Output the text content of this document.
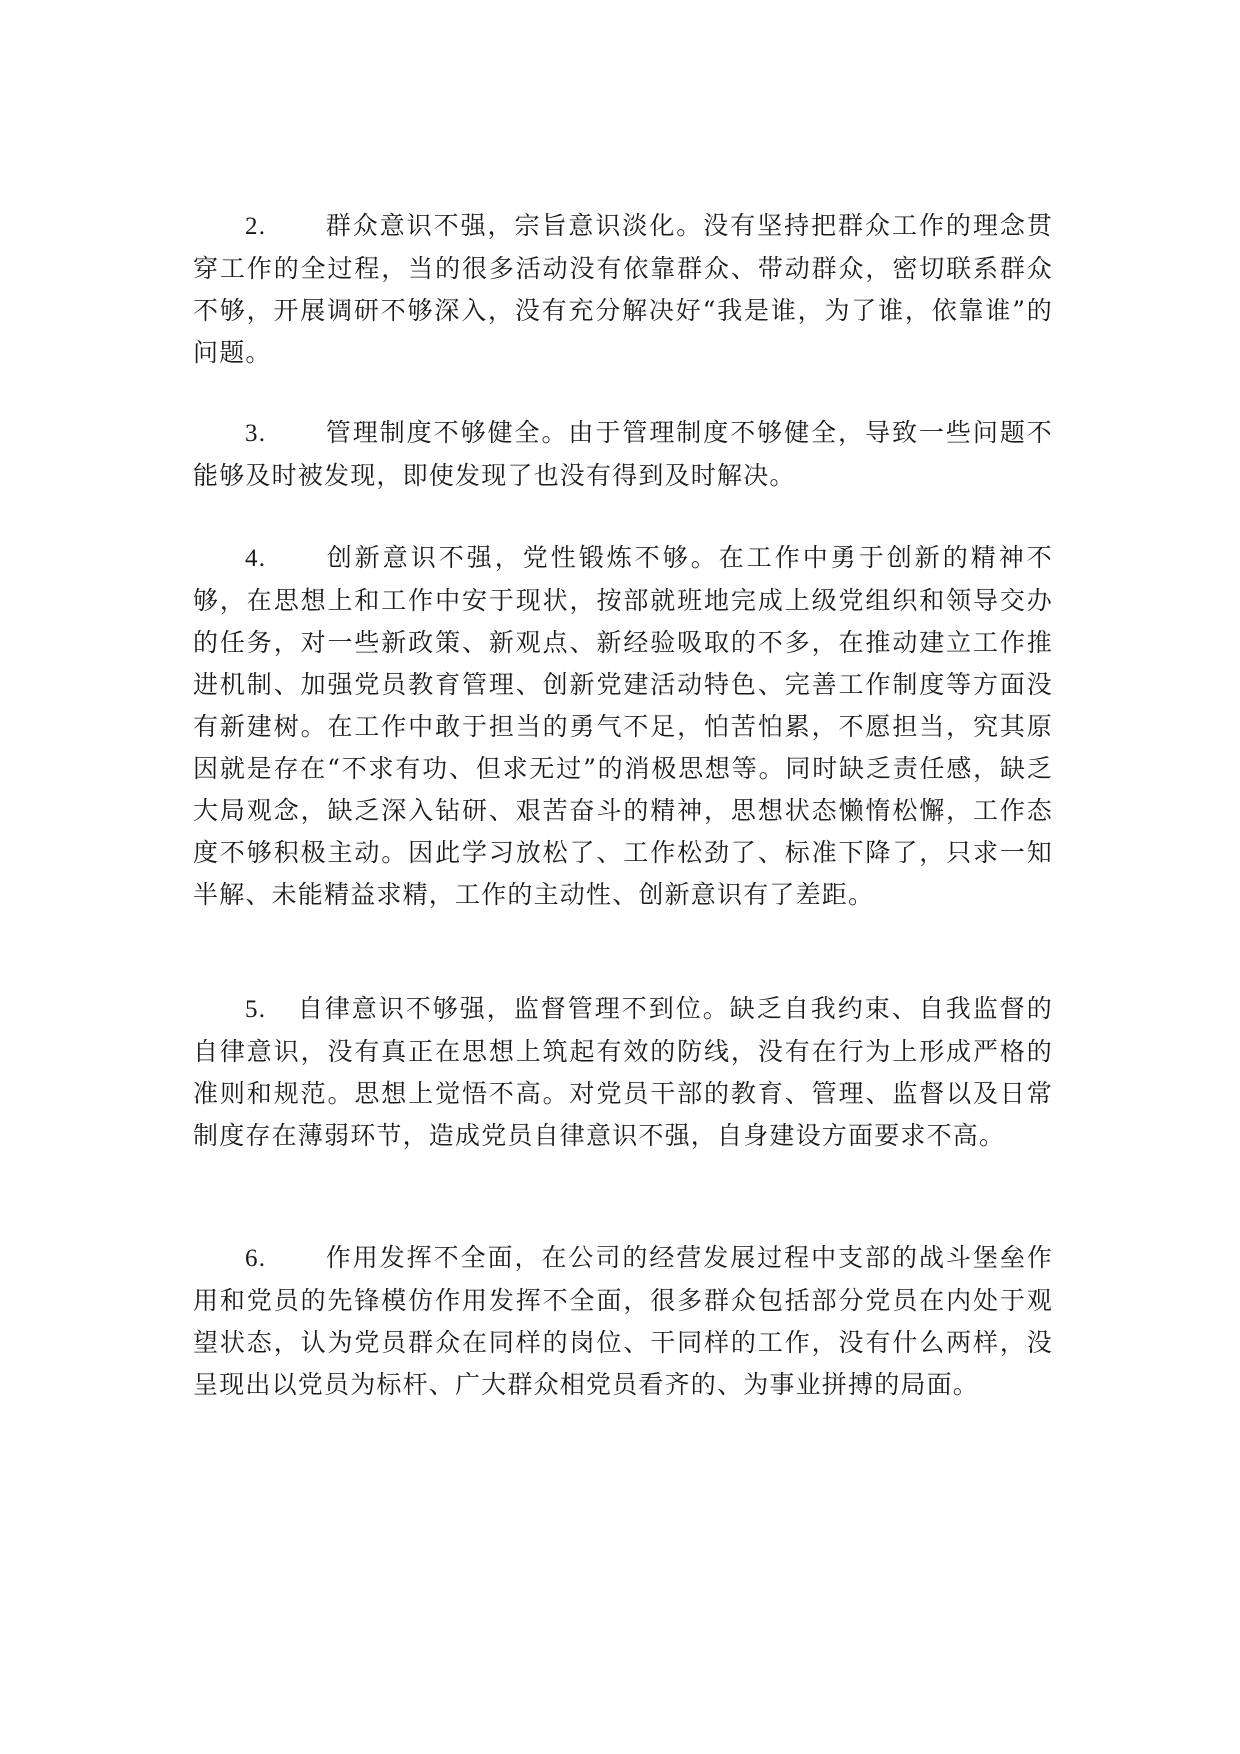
2. 群众意识不强，宗旨意识淡化。没有坚持把群众工作的理念贯穿工作的全过程，当的很多活动没有依靠群众、带动群众，密切联系群众不够，开展调研不够深入，没有充分解决好“我是谁，为了谁，依靠谁”的问题。

3. 管理制度不够健全。由于管理制度不够健全，导致一些问题不能够及时被发现，即使发现了也没有得到及时解决。

4. 创新意识不强，党性锻炼不够。在工作中勇于创新的精神不够，在思想上和工作中安于现状，按部就班地完成上级党组织和领导交办的任务，对一些新政策、新观点、新经验吸取的不多，在推动建立工作推进机制、加强党员教育管理、创新党建活动特色、完善工作制度等方面没有新建树。在工作中敢于担当的勇气不足，怕苦怕累，不愿担当，究其原因就是存在“不求有功、但求无过”的消极思想等。同时缺乏责任感，缺乏大局观念，缺乏深入钻研、艰苦奋斗的精神，思想状态懒惰松懈，工作态度不够积极主动。因此学习放松了、工作松劲了、标准下降了，只求一知半解、未能精益求精，工作的主动性、创新意识有了差距。

5. 自律意识不够强，监督管理不到位。缺乏自我约束、自我监督的自律意识，没有真正在思想上筑起有效的防线，没有在行为上形成严格的准则和规范。思想上觉悟不高。对党员干部的教育、管理、监督以及日常制度存在薄弱环节，造成党员自律意识不强，自身建设方面要求不高。

6. 作用发挥不全面，在公司的经营发展过程中支部的战斗堡垒作用和党员的先锋模仿作用发挥不全面，很多群众包括部分党员在内处于观望状态，认为党员群众在同样的岗位、干同样的工作，没有什么两样，没呈现出以党员为标杆、广大群众相党员看齐的、为事业拼搏的局面。
